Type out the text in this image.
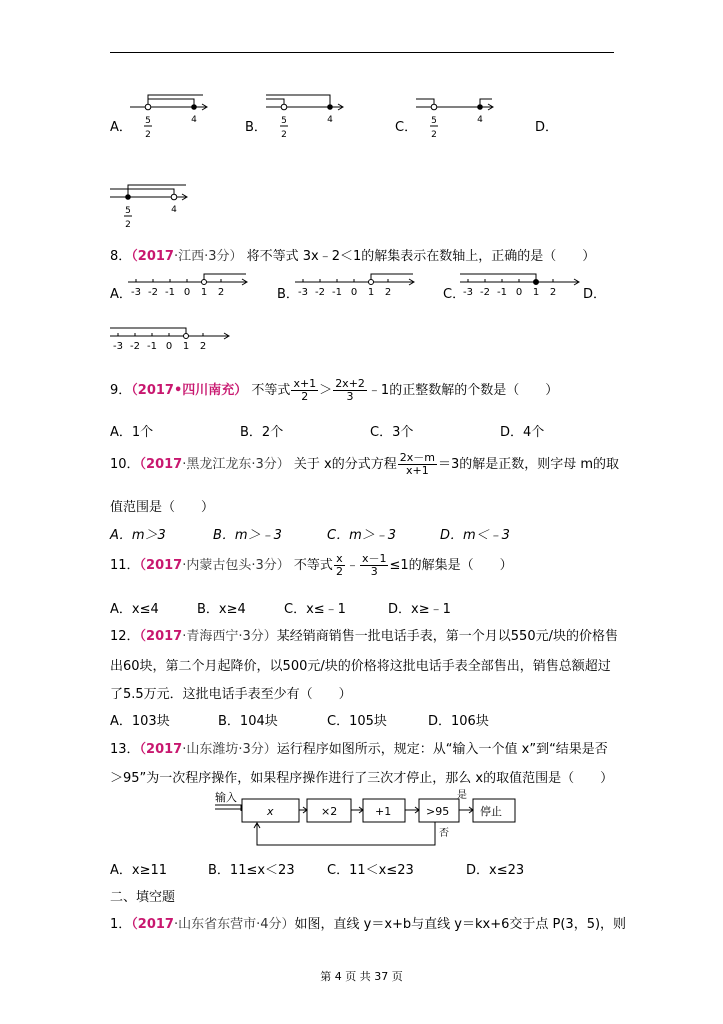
A． 5
2
4	B． 5
2
4	C． 5
2
4	D．
5
2
4
8．（2017·江西·3分） 将不等式 3x﹣2＜1的解集表示在数轴上，正确的是（　　）
A． -3 -2 -1 0 1 2	B． -3 -2 -1 0 1 2	C．
-3 -2 -1 0 1 2 D．
-3 -2 -1 0 1 2
9．（2017•四川南充） 不等式 $\frac{x+1}{2} > \frac{2x+2}{3}$ ﹣1的正整数解的个数是（　　）
A．1个	B．2个	C．3个	D．4个
10．（2017·黑龙江龙东·3分） 关于 x的分式方程 $\frac{2x-m}{x+1} =3$的解是正数，则字母 m的取
值范围是（　　）
A．m＞3	B．m＞﹣3	C．m＞﹣3	D．m＜﹣3
11．（2017·内蒙古包头·3分） 不等式 $\frac{x}{2}$ ﹣ $\frac{x-1}{3} \le 1$的解集是（　　）
A．x≤4	B．x≥4	C．x≤﹣1	D．x≥﹣1
12．（2017·青海西宁·3分）某经销商销售一批电话手表，第一个月以550元/块的价格售
出60块，第二个月起降价，以500元/块的价格将这批电话手表全部售出，销售总额超过
了5.5万元．这批电话手表至少有（　　）
A．103块	B．104块	C．105块	D．106块
13．（2017·山东潍坊·3分）运行程序如图所示，规定：从“输入一个值 x”到“结果是否
＞95”为一次程序操作，如果程序操作进行了三次才停止，那么 x的取值范围是（　　）
输入
x	×2	+1	>95
是
停止
否
A．x≥11	B．11≤x＜23 C．11＜x≤23	D．x≤23
二、填空题
1．（2017·山东省东营市·4分）如图，直线 y＝x+b与直线 y＝kx+6交于点 P(3，5)，则
第 4 页 共 37 页
